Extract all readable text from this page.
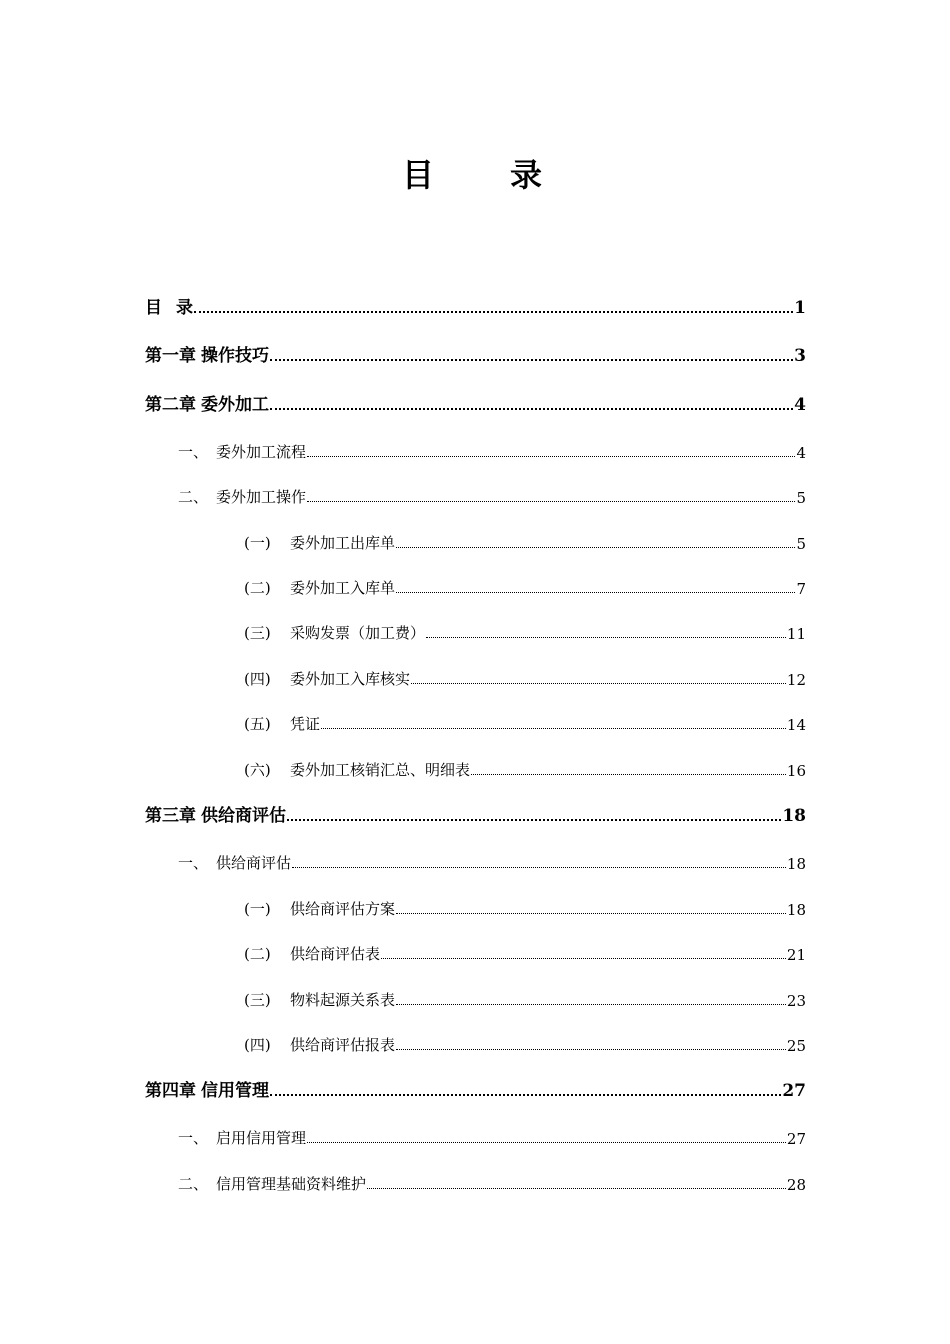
目　录
目 录	1
第一章 操作技巧	3
第二章 委外加工	4
一、 委外加工流程	4
二、 委外加工操作	5
(一)	委外加工出库单	5
(二)	委外加工入库单	7
(三)	采购发票（加工费）	11
(四)	委外加工入库核实	12
(五)	凭证	14
(六)	委外加工核销汇总、明细表	16
第三章 供给商评估	18
一、 供给商评估	18
(一)	供给商评估方案	18
(二)	供给商评估表	21
(三)	物料起源关系表	23
(四)	供给商评估报表	25
第四章 信用管理	27
一、 启用信用管理	27
二、 信用管理基础资料维护	28
